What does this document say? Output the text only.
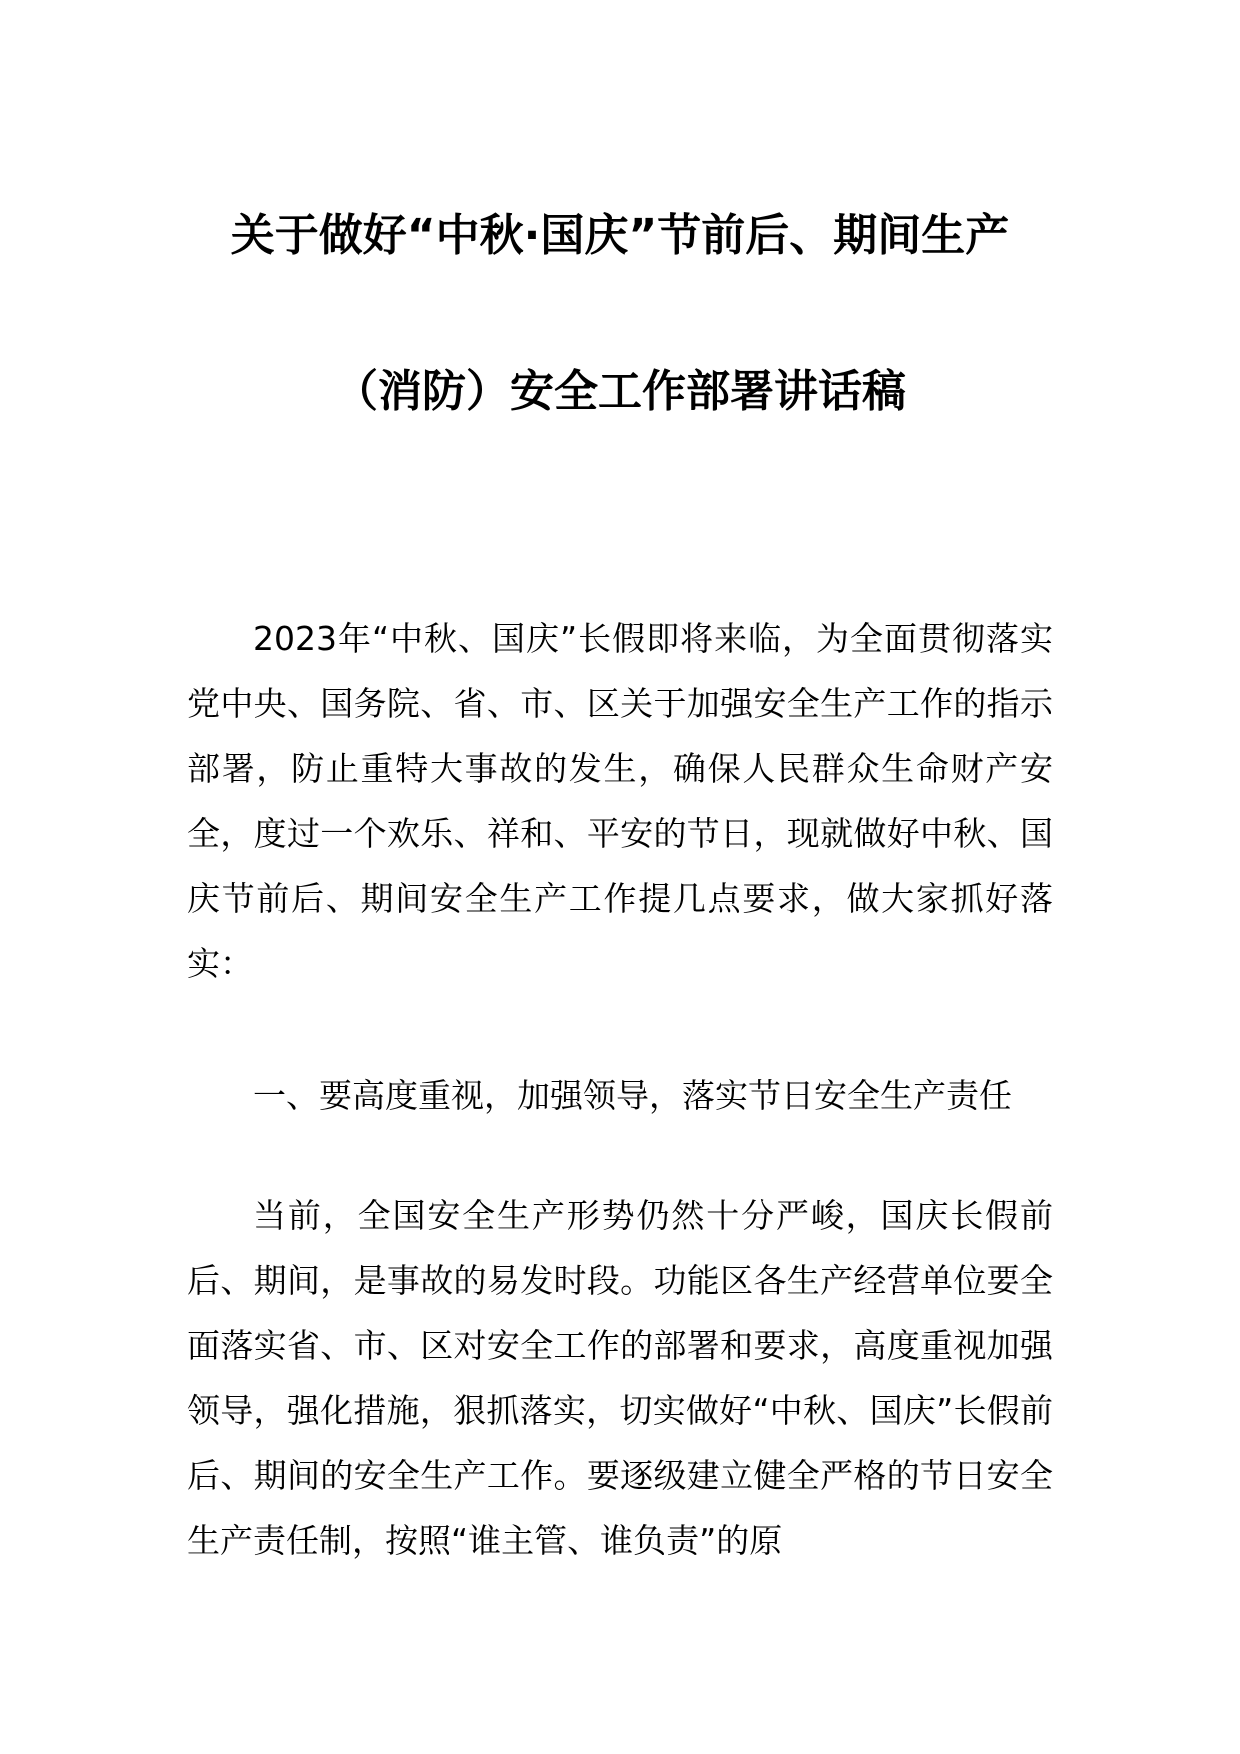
关于做好“中秋·国庆”节前后、期间生产
（消防）安全工作部署讲话稿

2023年“中秋、国庆”长假即将来临，为全面贯彻落实党中央、国务院、省、市、区关于加强安全生产工作的指示部署，防止重特大事故的发生，确保人民群众生命财产安全，度过一个欢乐、祥和、平安的节日，现就做好中秋、国庆节前后、期间安全生产工作提几点要求，做大家抓好落实：

一、要高度重视，加强领导，落实节日安全生产责任

当前，全国安全生产形势仍然十分严峻，国庆长假前后、期间，是事故的易发时段。功能区各生产经营单位要全面落实省、市、区对安全工作的部署和要求，高度重视加强领导，强化措施，狠抓落实，切实做好“中秋、国庆”长假前后、期间的安全生产工作。要逐级建立健全严格的节日安全生产责任制，按照“谁主管、谁负责”的原
